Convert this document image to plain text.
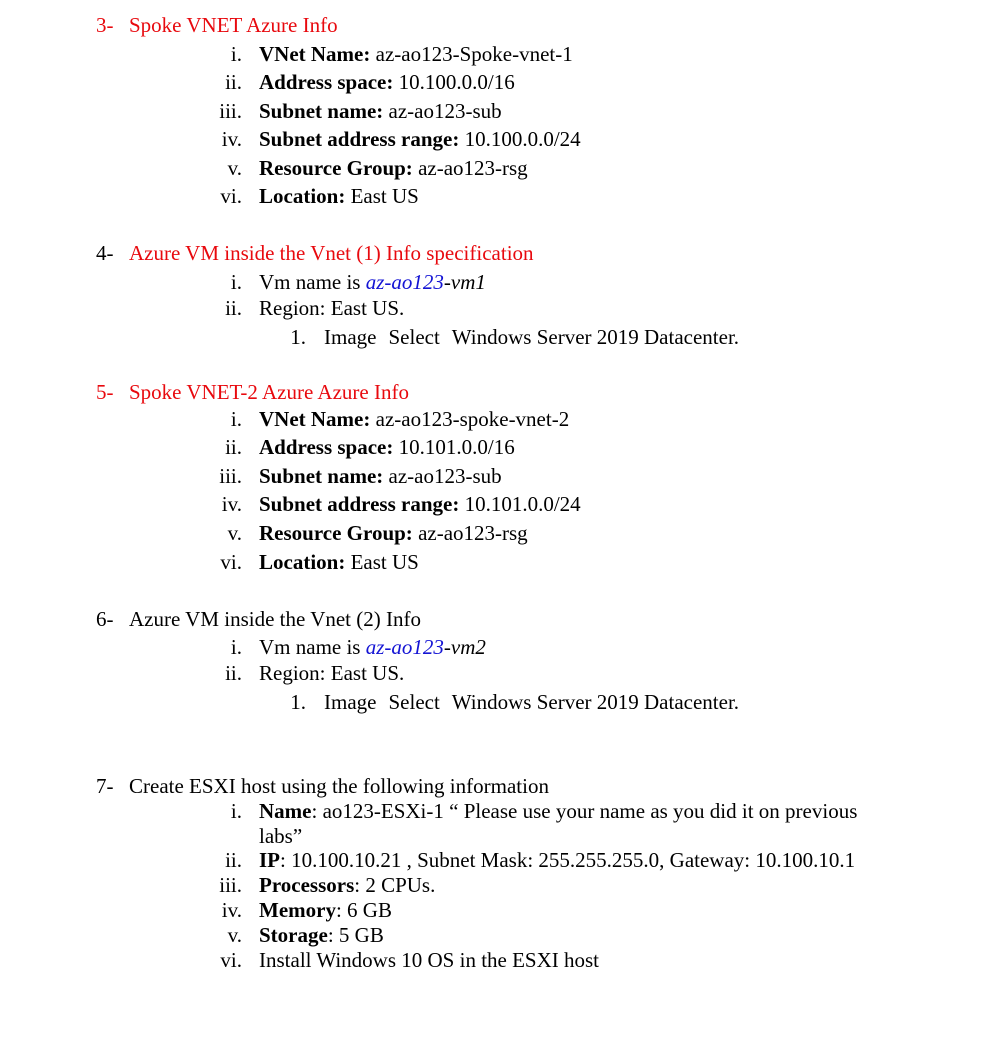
3- Spoke VNET Azure Info
i. VNet Name: az-ao123-Spoke-vnet-1
ii. Address space: 10.100.0.0/16
iii. Subnet name: az-ao123-sub
iv. Subnet address range: 10.100.0.0/24
v. Resource Group: az-ao123-rsg
vi. Location: East US
4- Azure VM inside the Vnet (1) Info specification
i. Vm name is az-ao123-vm1
ii. Region: East US.
1. Image Select Windows Server 2019 Datacenter.
5- Spoke VNET-2 Azure Azure Info
i. VNet Name: az-ao123-spoke-vnet-2
ii. Address space: 10.101.0.0/16
iii. Subnet name: az-ao123-sub
iv. Subnet address range: 10.101.0.0/24
v. Resource Group: az-ao123-rsg
vi. Location: East US
6- Azure VM inside the Vnet (2) Info
i. Vm name is az-ao123-vm2
ii. Region: East US.
1. Image Select Windows Server 2019 Datacenter.
7- Create ESXI host using the following information
i. Name: ao123-ESXi-1 “ Please use your name as you did it on previous labs”
ii. IP: 10.100.10.21 , Subnet Mask: 255.255.255.0, Gateway: 10.100.10.1
iii. Processors: 2 CPUs.
iv. Memory: 6 GB
v. Storage: 5 GB
vi. Install Windows 10 OS in the ESXI host
